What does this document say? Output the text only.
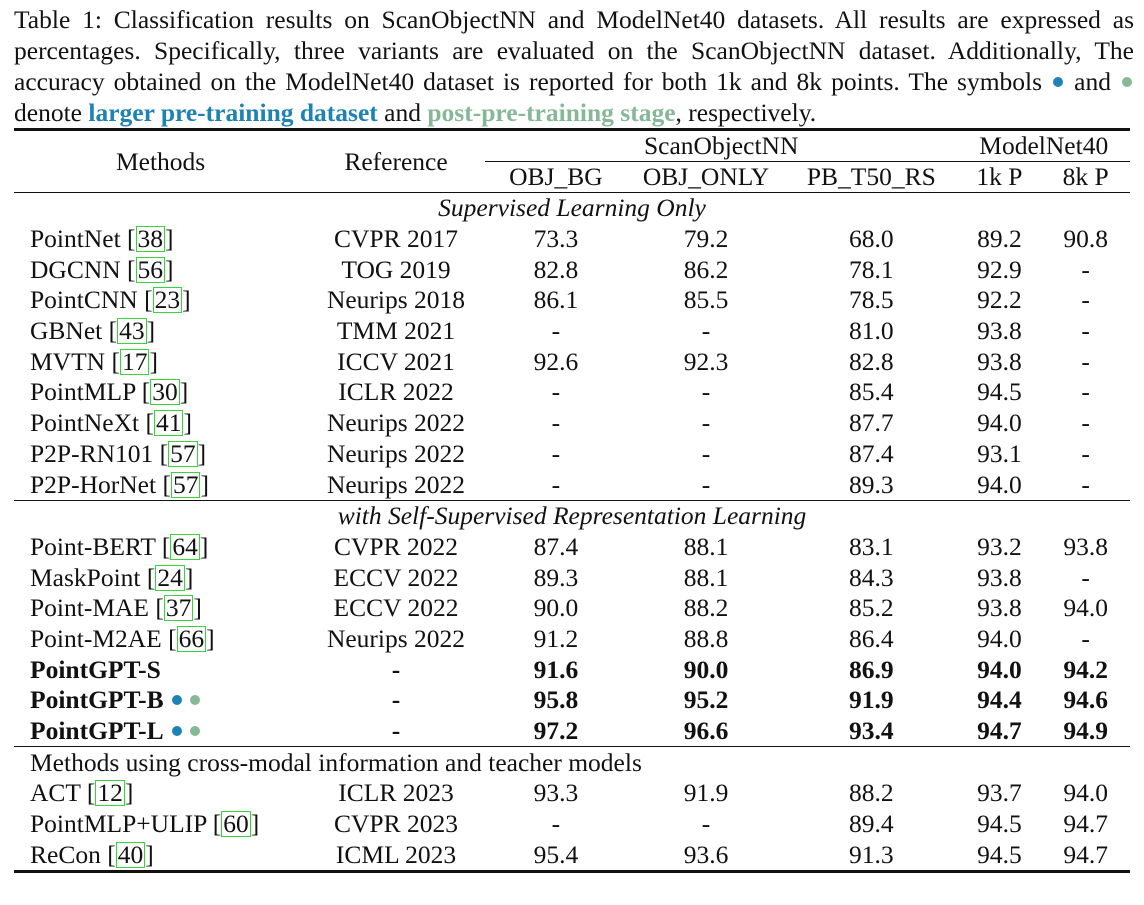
Table 1: Classification results on ScanObjectNN and ModelNet40 datasets. All results are expressed as percentages. Specifically, three variants are evaluated on the ScanObjectNN dataset. Additionally, The accuracy obtained on the ModelNet40 dataset is reported for both 1k and 8k points. The symbols  and  denote larger pre-training dataset and post-pre-training stage, respectively.
Methods	Reference	ScanObjectNN			ModelNet40	
		OBJ_BG	OBJ_ONLY	PB_T50_RS	1k P	8k P
Supervised Learning Only						
PointNet [38]	CVPR 2017	73.3	79.2	68.0	89.2	90.8
DGCNN [56]	TOG 2019	82.8	86.2	78.1	92.9	-
PointCNN [23]	Neurips 2018	86.1	85.5	78.5	92.2	-
GBNet [43]	TMM 2021	-	-	81.0	93.8	-
MVTN [17]	ICCV 2021	92.6	92.3	82.8	93.8	-
PointMLP [30]	ICLR 2022	-	-	85.4	94.5	-
PointNeXt [41]	Neurips 2022	-	-	87.7	94.0	-
P2P-RN101 [57]	Neurips 2022	-	-	87.4	93.1	-
P2P-HorNet [57]	Neurips 2022	-	-	89.3	94.0	-
with Self-Supervised Representation Learning						
Point-BERT [64]	CVPR 2022	87.4	88.1	83.1	93.2	93.8
MaskPoint [24]	ECCV 2022	89.3	88.1	84.3	93.8	-
Point-MAE [37]	ECCV 2022	90.0	88.2	85.2	93.8	94.0
Point-M2AE [66]	Neurips 2022	91.2	88.8	86.4	94.0	-
PointGPT-S	-	91.6	90.0	86.9	94.0	94.2
PointGPT-B	-	95.8	95.2	91.9	94.4	94.6
PointGPT-L	-	97.2	96.6	93.4	94.7	94.9
Methods using cross-modal information and teacher models						
ACT [12]	ICLR 2023	93.3	91.9	88.2	93.7	94.0
PointMLP+ULIP [60]	CVPR 2023	-	-	89.4	94.5	94.7
ReCon [40]	ICML 2023	95.4	93.6	91.3	94.5	94.7
